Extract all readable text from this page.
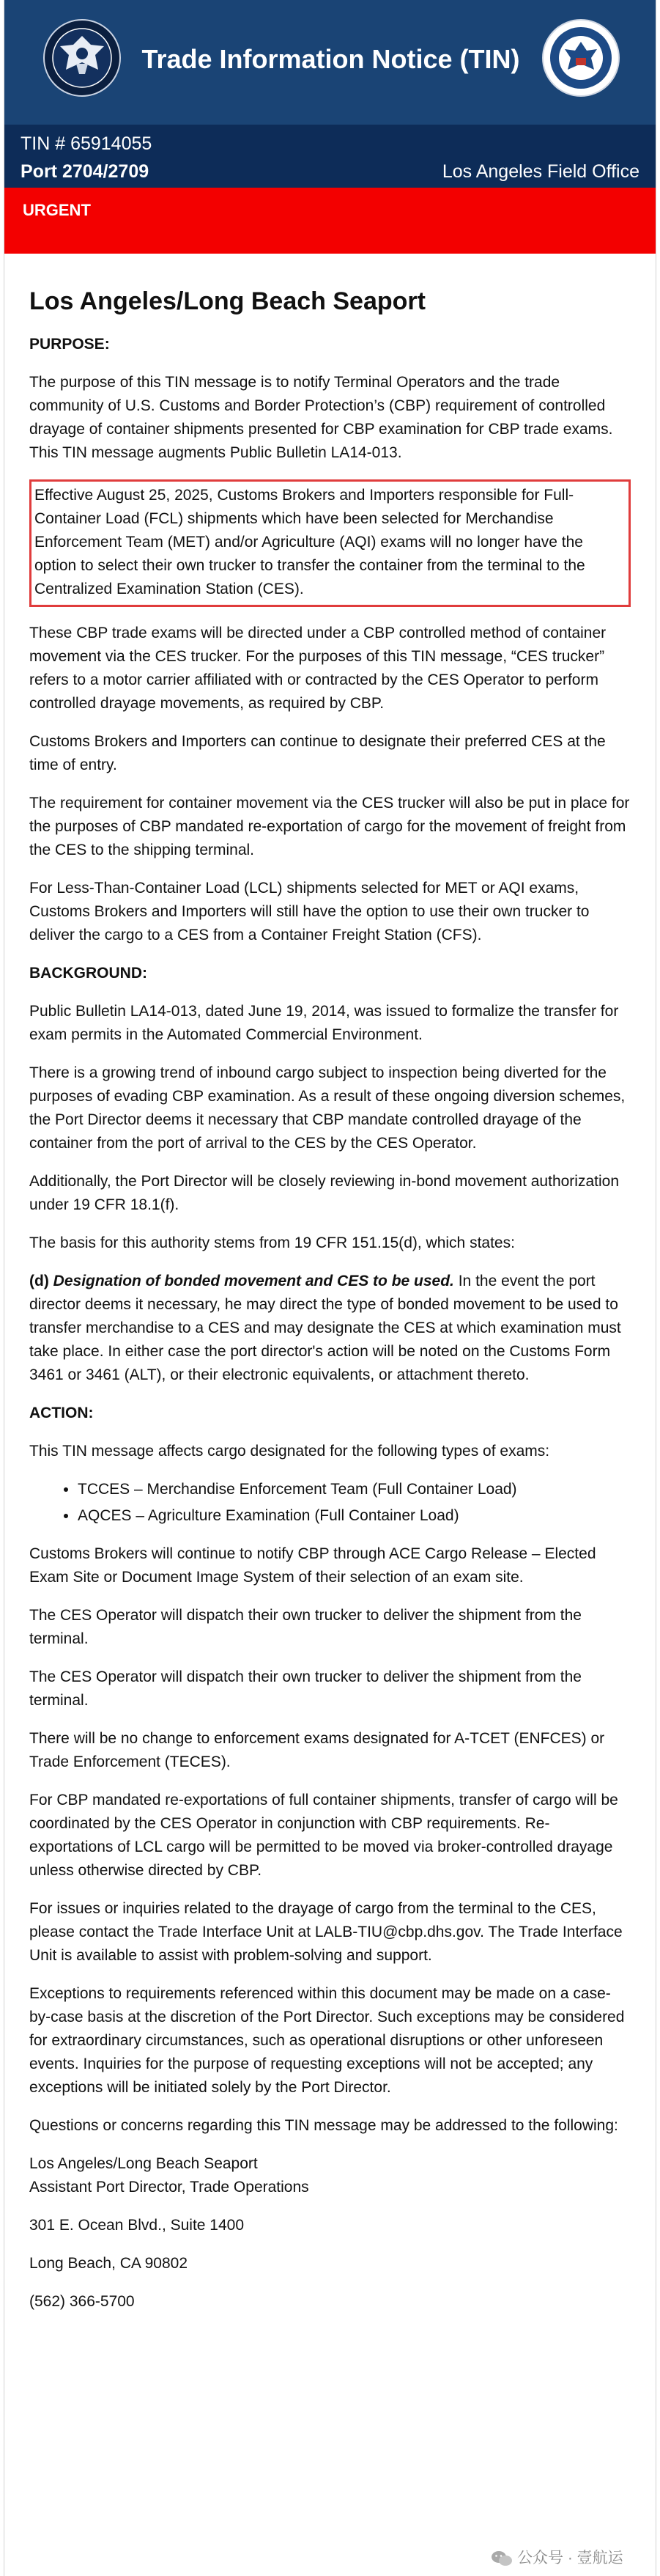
Trade Information Notice (TIN)
TIN # 65914055
Port 2704/2709	Los Angeles Field Office
URGENT
Los Angeles/Long Beach Seaport
PURPOSE:

The purpose of this TIN message is to notify Terminal Operators and the trade community of U.S. Customs and Border Protection’s (CBP) requirement of controlled drayage of container shipments presented for CBP examination for CBP trade exams. This TIN message augments Public Bulletin LA14-013.

Effective August 25, 2025, Customs Brokers and Importers responsible for Full-Container Load (FCL) shipments which have been selected for Merchandise Enforcement Team (MET) and/or Agriculture (AQI) exams will no longer have the option to select their own trucker to transfer the container from the terminal to the Centralized Examination Station (CES).

These CBP trade exams will be directed under a CBP controlled method of container movement via the CES trucker. For the purposes of this TIN message, “CES trucker” refers to a motor carrier affiliated with or contracted by the CES Operator to perform controlled drayage movements, as required by CBP.

Customs Brokers and Importers can continue to designate their preferred CES at the time of entry.

The requirement for container movement via the CES trucker will also be put in place for the purposes of CBP mandated re-exportation of cargo for the movement of freight from the CES to the shipping terminal.

For Less-Than-Container Load (LCL) shipments selected for MET or AQI exams, Customs Brokers and Importers will still have the option to use their own trucker to deliver the cargo to a CES from a Container Freight Station (CFS).

BACKGROUND:

Public Bulletin LA14-013, dated June 19, 2014, was issued to formalize the transfer for exam permits in the Automated Commercial Environment.

There is a growing trend of inbound cargo subject to inspection being diverted for the purposes of evading CBP examination. As a result of these ongoing diversion schemes, the Port Director deems it necessary that CBP mandate controlled drayage of the container from the port of arrival to the CES by the CES Operator.

Additionally, the Port Director will be closely reviewing in-bond movement authorization under 19 CFR 18.1(f).

The basis for this authority stems from 19 CFR 151.15(d), which states:

(d) Designation of bonded movement and CES to be used. In the event the port director deems it necessary, he may direct the type of bonded movement to be used to transfer merchandise to a CES and may designate the CES at which examination must take place. In either case the port director's action will be noted on the Customs Form 3461 or 3461 (ALT), or their electronic equivalents, or attachment thereto.

ACTION:

This TIN message affects cargo designated for the following types of exams:

• TCCES – Merchandise Enforcement Team (Full Container Load)
• AQCES – Agriculture Examination (Full Container Load)

Customs Brokers will continue to notify CBP through ACE Cargo Release – Elected Exam Site or Document Image System of their selection of an exam site.

The CES Operator will dispatch their own trucker to deliver the shipment from the terminal.

The CES Operator will dispatch their own trucker to deliver the shipment from the terminal.

There will be no change to enforcement exams designated for A-TCET (ENFCES) or Trade Enforcement (TECES).

For CBP mandated re-exportations of full container shipments, transfer of cargo will be coordinated by the CES Operator in conjunction with CBP requirements. Re-exportations of LCL cargo will be permitted to be moved via broker-controlled drayage unless otherwise directed by CBP.

For issues or inquiries related to the drayage of cargo from the terminal to the CES, please contact the Trade Interface Unit at LALB-TIU@cbp.dhs.gov. The Trade Interface Unit is available to assist with problem-solving and support.

Exceptions to requirements referenced within this document may be made on a case-by-case basis at the discretion of the Port Director. Such exceptions may be considered for extraordinary circumstances, such as operational disruptions or other unforeseen events. Inquiries for the purpose of requesting exceptions will not be accepted; any exceptions will be initiated solely by the Port Director.

Questions or concerns regarding this TIN message may be addressed to the following:

Los Angeles/Long Beach Seaport
Assistant Port Director, Trade Operations
301 E. Ocean Blvd., Suite 1400
Long Beach, CA 90802
(562) 366-5700
公众号 · 壹航运
